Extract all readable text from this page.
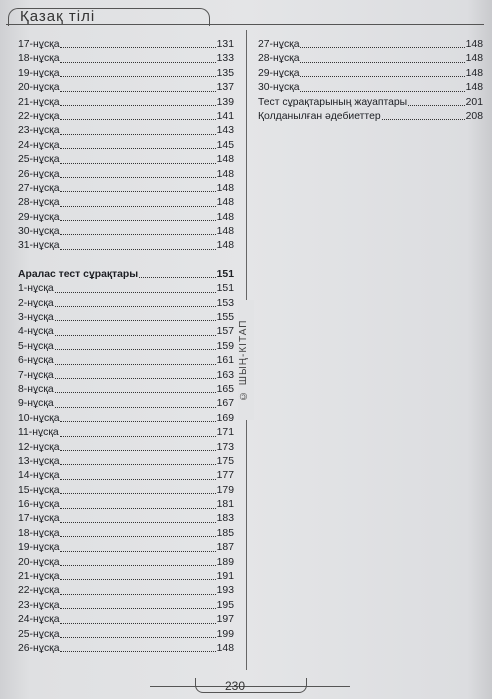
Қазақ тілі
17-нұсқа	131
18-нұсқа	133
19-нұсқа	135
20-нұсқа	137
21-нұсқа	139
22-нұсқа	141
23-нұсқа	143
24-нұсқа	145
25-нұсқа	148
26-нұсқа	148
27-нұсқа	148
28-нұсқа	148
29-нұсқа	148
30-нұсқа	148
31-нұсқа	148
Аралас тест сұрақтары	151
1-нұсқа	151
2-нұсқа	153
3-нұсқа	155
4-нұсқа	157
5-нұсқа	159
6-нұсқа	161
7-нұсқа	163
8-нұсқа	165
9-нұсқа	167
10-нұсқа	169
11-нұсқа	171
12-нұсқа	173
13-нұсқа	175
14-нұсқа	177
15-нұсқа	179
16-нұсқа	181
17-нұсқа	183
18-нұсқа	185
19-нұсқа	187
20-нұсқа	189
21-нұсқа	191
22-нұсқа	193
23-нұсқа	195
24-нұсқа	197
25-нұсқа	199
26-нұсқа	148
© ШЫҢ-КІТАП
27-нұсқа	148
28-нұсқа	148
29-нұсқа	148
30-нұсқа	148
Тест сұрақтарының жауаптары	201
Қолданылған әдебиеттер	208
230
